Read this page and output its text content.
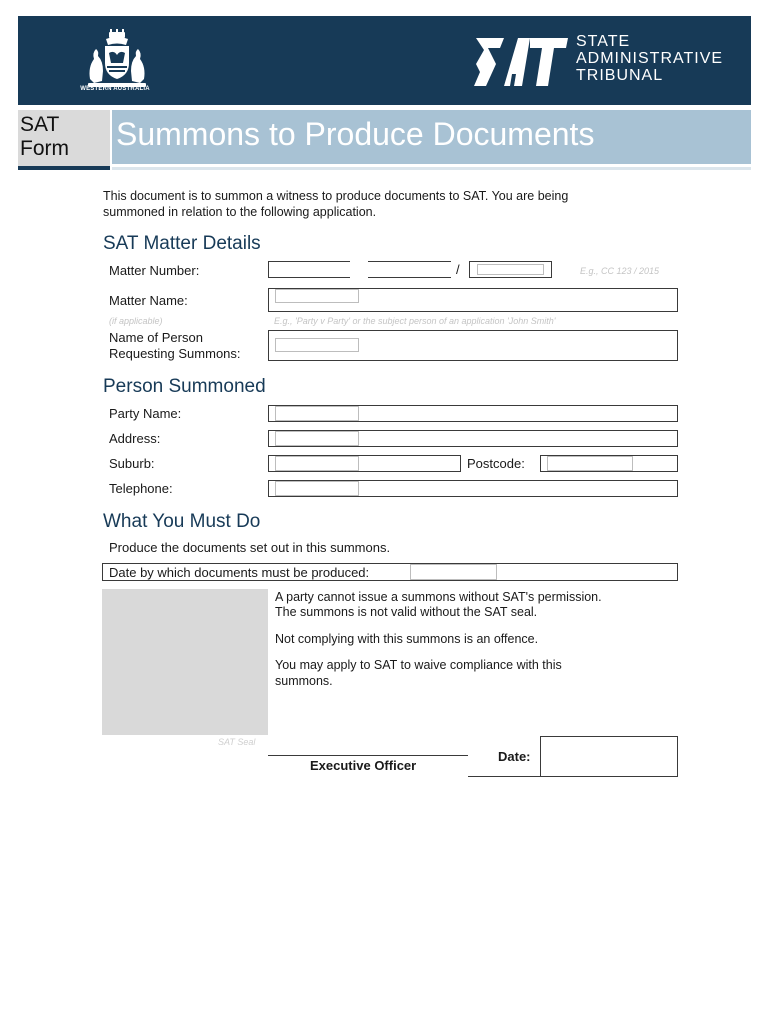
WESTERN AUSTRALIA
STATE
ADMINISTRATIVE
TRIBUNAL
SAT
Form Summons to Produce Documents
This document is to summon a witness to produce documents to SAT. You are being
summoned in relation to the following application.
SAT Matter Details
Matter Number:	/	E.g., CC 123 / 2015
Matter Name:
(if applicable)	E.g., 'Party v Party' or the subject person of an application 'John Smith'
Name of Person
Requesting Summons:
Person Summoned
Party Name:
Address:
Suburb:	Postcode:
Telephone:
What You Must Do
Produce the documents set out in this summons.
Date by which documents must be produced:
SAT Seal
A party cannot issue a summons without SAT's permission.
The summons is not valid without the SAT seal.
Not complying with this summons is an offence.
You may apply to SAT to waive compliance with this
summons.
Executive Officer
Date:
